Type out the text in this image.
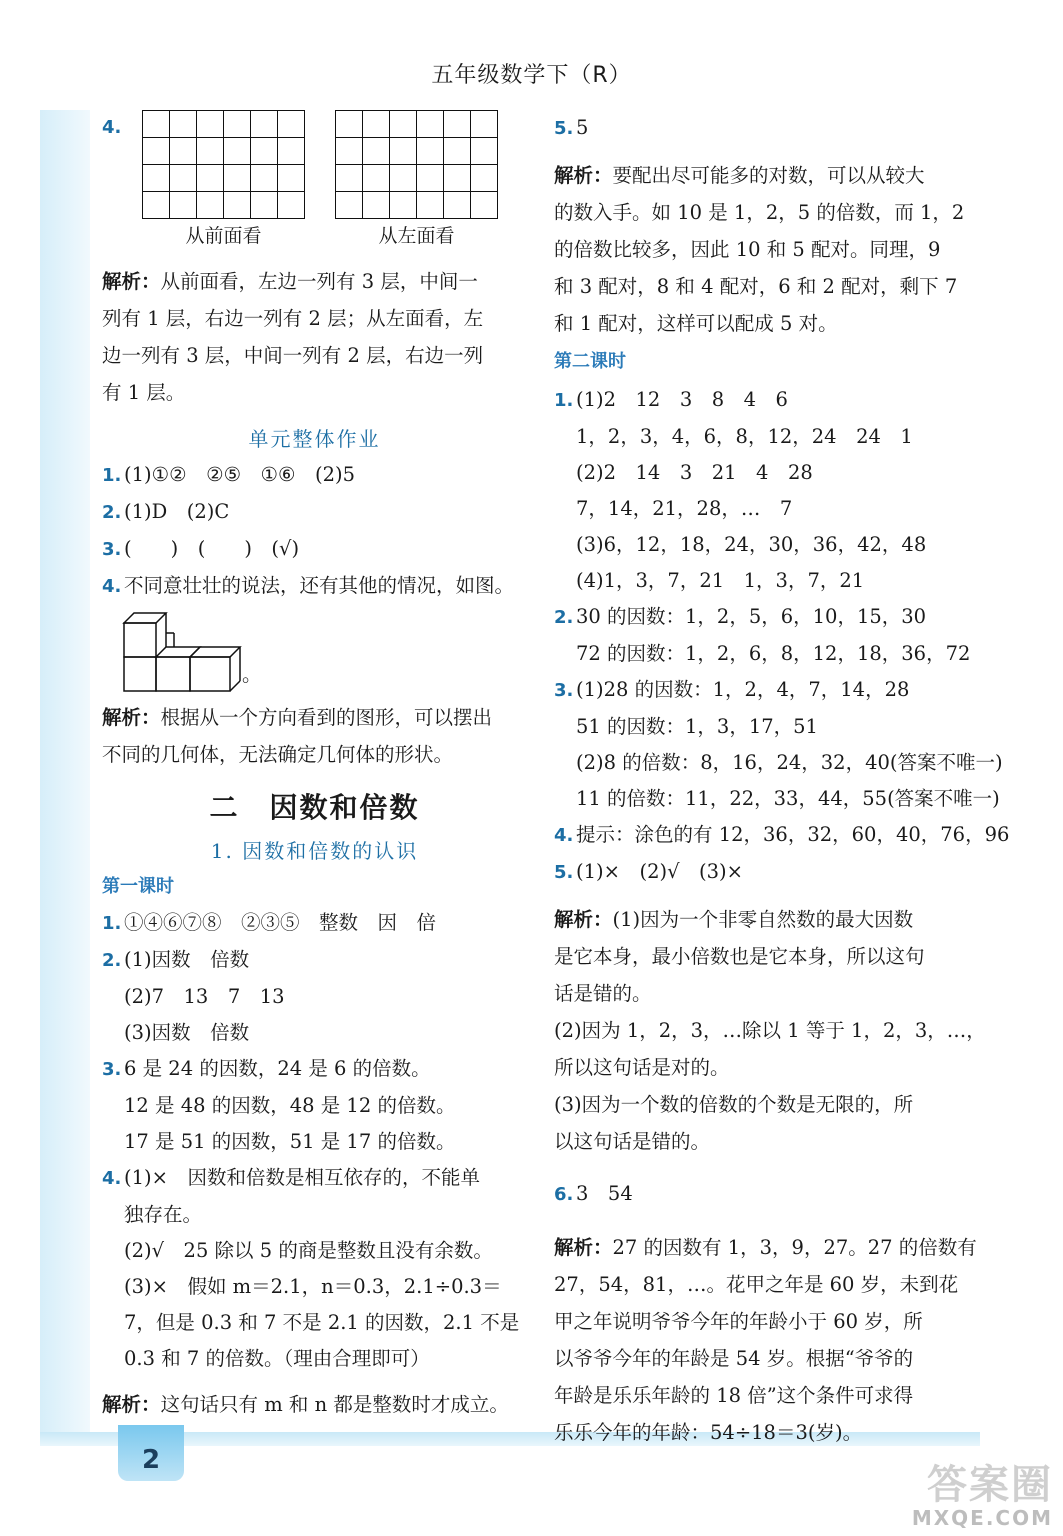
五年级数学下（R）
2
4.
从前面看	从左面看
解析：从前面看，左边一列有 3 层，中间一
列有 1 层，右边一列有 2 层；从左面看，左
边一列有 3 层，中间一列有 2 层，右边一列
有 1 层。
单元整体作业
1. (1)①②　②⑤　①⑥　(2)5
2. (1)D　(2)C
3. (　　)　(　　)　(√)
4. 不同意壮壮的说法，还有其他的情况，如图。
。
解析：根据从一个方向看到的图形，可以摆出
不同的几何体，无法确定几何体的形状。
二　因数和倍数
1. 因数和倍数的认识
第一课时
1. ①④⑥⑦⑧　②③⑤　整数　因　倍
2. (1)因数　倍数
(2)7　13　7　13
(3)因数　倍数
3. 6 是 24 的因数，24 是 6 的倍数。
12 是 48 的因数，48 是 12 的倍数。
17 是 51 的因数，51 是 17 的倍数。
4. (1)×　因数和倍数是相互依存的，不能单
独存在。
(2)√　25 除以 5 的商是整数且没有余数。
(3)×　假如 m＝2.1，n＝0.3，2.1÷0.3＝
7，但是 0.3 和 7 不是 2.1 的因数，2.1 不是
0.3 和 7 的倍数。（理由合理即可）
解析：这句话只有 m 和 n 都是整数时才成立。
5. 5
解析：要配出尽可能多的对数，可以从较大
的数入手。如 10 是 1，2，5 的倍数，而 1，2
的倍数比较多，因此 10 和 5 配对。同理，9
和 3 配对，8 和 4 配对，6 和 2 配对，剩下 7
和 1 配对，这样可以配成 5 对。
第二课时
1. (1)2　12　3　8　4　6
1，2，3，4，6，8，12，24　24　1
(2)2　14　3　21　4　28
7，14，21，28，…　7
(3)6，12，18，24，30，36，42，48
(4)1，3，7，21　1，3，7，21
2. 30 的因数：1，2，5，6，10，15，30
72 的因数：1，2，6，8，12，18，36，72
3. (1)28 的因数：1，2，4，7，14，28
51 的因数：1，3，17，51
(2)8 的倍数：8，16，24，32，40(答案不唯一)
11 的倍数：11，22，33，44，55(答案不唯一)
4. 提示：涂色的有 12，36，32，60，40，76，96
5. (1)×　(2)√　(3)×
解析：(1)因为一个非零自然数的最大因数
是它本身，最小倍数也是它本身，所以这句
话是错的。
(2)因为 1，2，3，…除以 1 等于 1，2，3，…，
所以这句话是对的。
(3)因为一个数的倍数的个数是无限的，所
以这句话是错的。
6. 3　54
解析：27 的因数有 1，3，9，27。27 的倍数有
27，54，81，…。花甲之年是 60 岁，未到花
甲之年说明爷爷今年的年龄小于 60 岁，所
以爷爷今年的年龄是 54 岁。根据“爷爷的
年龄是乐乐年龄的 18 倍”这个条件可求得
乐乐今年的年龄：54÷18＝3(岁)。
答案圈
MXQE.COM
